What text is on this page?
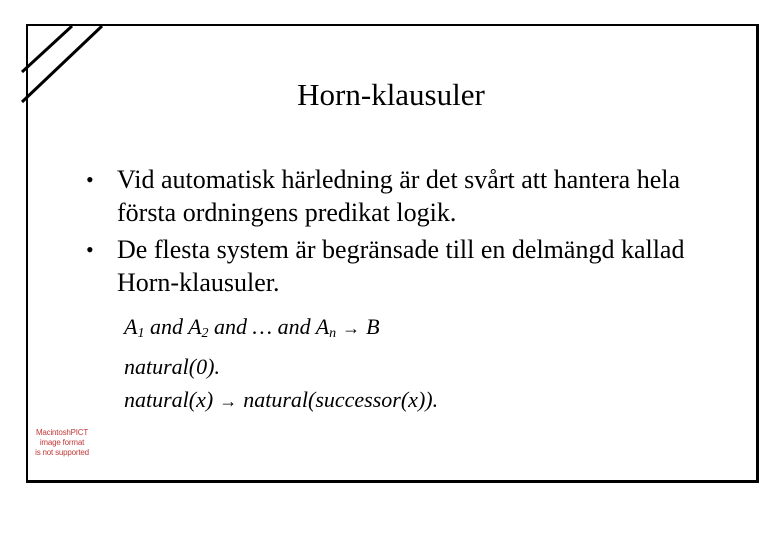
Horn-klausuler
• Vid automatisk härledning är det svårt att hantera hela första ordningens predikat logik.
• De flesta system är begränsade till en delmängd kallad Horn-klausuler.
$A_1$ and $A_2$ and … and $A_n \to B$
natural(0).
natural(x) → natural(successor(x)).
MacintoshPICT
image format
is not supported
